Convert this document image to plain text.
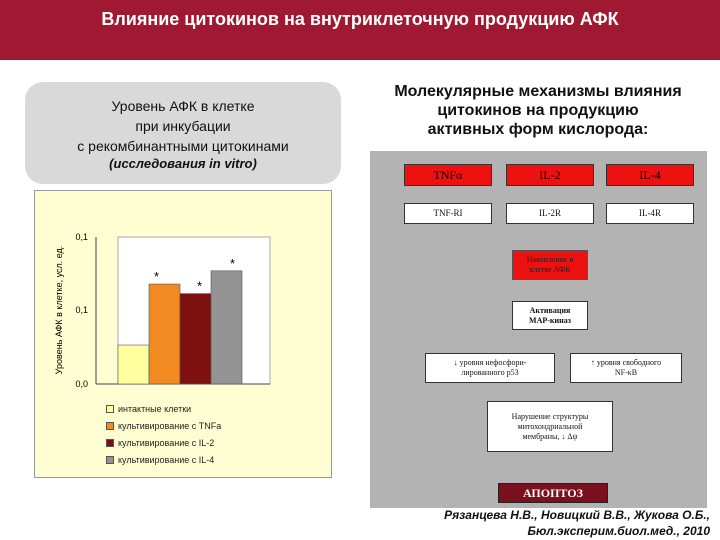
Влияние цитокинов на внутриклеточную продукцию АФК
Уровень АФК в клетке
при инкубации
с рекомбинантными цитокинами
(исследования in vitro)
0,1
0,1
0,0
Уровень АФК в клетке, усл. ед.	*
*
*
интактные клетки
культивирование с TNFa
культивирование с IL-2
культивирование с IL-4
Молекулярные механизмы влияния
цитокинов на продукцию
активных форм кислорода:
TNFα	IL-2	IL-4
TNF-RI	IL-2R	IL-4R
Накопление в
клетке АФК
Активация
МАР-киназ
↓ уровня нефосфори-
лированного p53
↑ уровня свободного
NF-κB
Нарушение структуры
митохондриальной
мембраны, ↓ Δψ
АПОПТОЗ
Рязанцева Н.В., Новицкий В.В., Жукова О.Б.,
Бюл.эксперим.биол.мед., 2010
